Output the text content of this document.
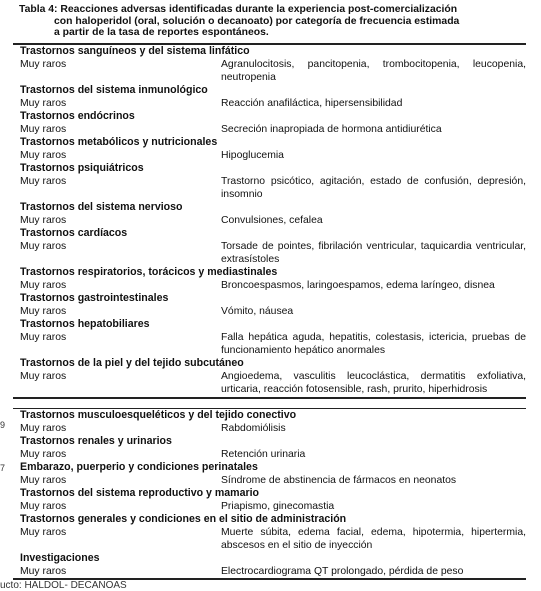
Tabla 4: Reacciones adversas identificadas durante la experiencia post-comercialización
con haloperidol (oral, solución o decanoato) por categoría de frecuencia estimada
a partir de la tasa de reportes espontáneos.
Trastornos sanguíneos y del sistema linfático
Muy raros	Agranulocitosis, pancitopenia, trombocitopenia, leucopenia, neutropenia
Trastornos del sistema inmunológico
Muy raros	Reacción anafiláctica, hipersensibilidad
Trastornos endócrinos
Muy raros	Secreción inapropiada de hormona antidiurética
Trastornos metabólicos y nutricionales
Muy raros	Hipoglucemia
Trastornos psiquiátricos
Muy raros	Trastorno psicótico, agitación, estado de confusión, depresión, insomnio
Trastornos del sistema nervioso
Muy raros	Convulsiones, cefalea
Trastornos cardíacos
Muy raros	Torsade de pointes, fibrilación ventricular, taquicardia ventricular, extrasístoles
Trastornos respiratorios, torácicos y mediastinales
Muy raros	Broncoespasmos, laringoespamos, edema laríngeo, disnea
Trastornos gastrointestinales
Muy raros	Vómito, náusea
Trastornos hepatobiliares
Muy raros	Falla hepática aguda, hepatitis, colestasis, ictericia, pruebas de funcionamiento hepático anormales
Trastornos de la piel y del tejido subcutáneo
Muy raros	Angioedema, vasculitis leucoclástica, dermatitis exfoliativa, urticaria, reacción fotosensible, rash, prurito, hiperhidrosis
Trastornos musculoesqueléticos y del tejido conectivo
Muy raros	Rabdomiólisis
Trastornos renales y urinarios
Muy raros	Retención urinaria
Embarazo, puerperio y condiciones perinatales
Muy raros	Síndrome de abstinencia de fármacos en neonatos
Trastornos del sistema reproductivo y mamario
Muy raros	Priapismo, ginecomastia
Trastornos generales y condiciones en el sitio de administración
Muy raros	Muerte súbita, edema facial, edema, hipotermia, hipertermia, abscesos en el sitio de inyección
Investigaciones
Muy raros	Electrocardiograma QT prolongado, pérdida de peso
9
7
ucto: HALDOL- DECANOAS
